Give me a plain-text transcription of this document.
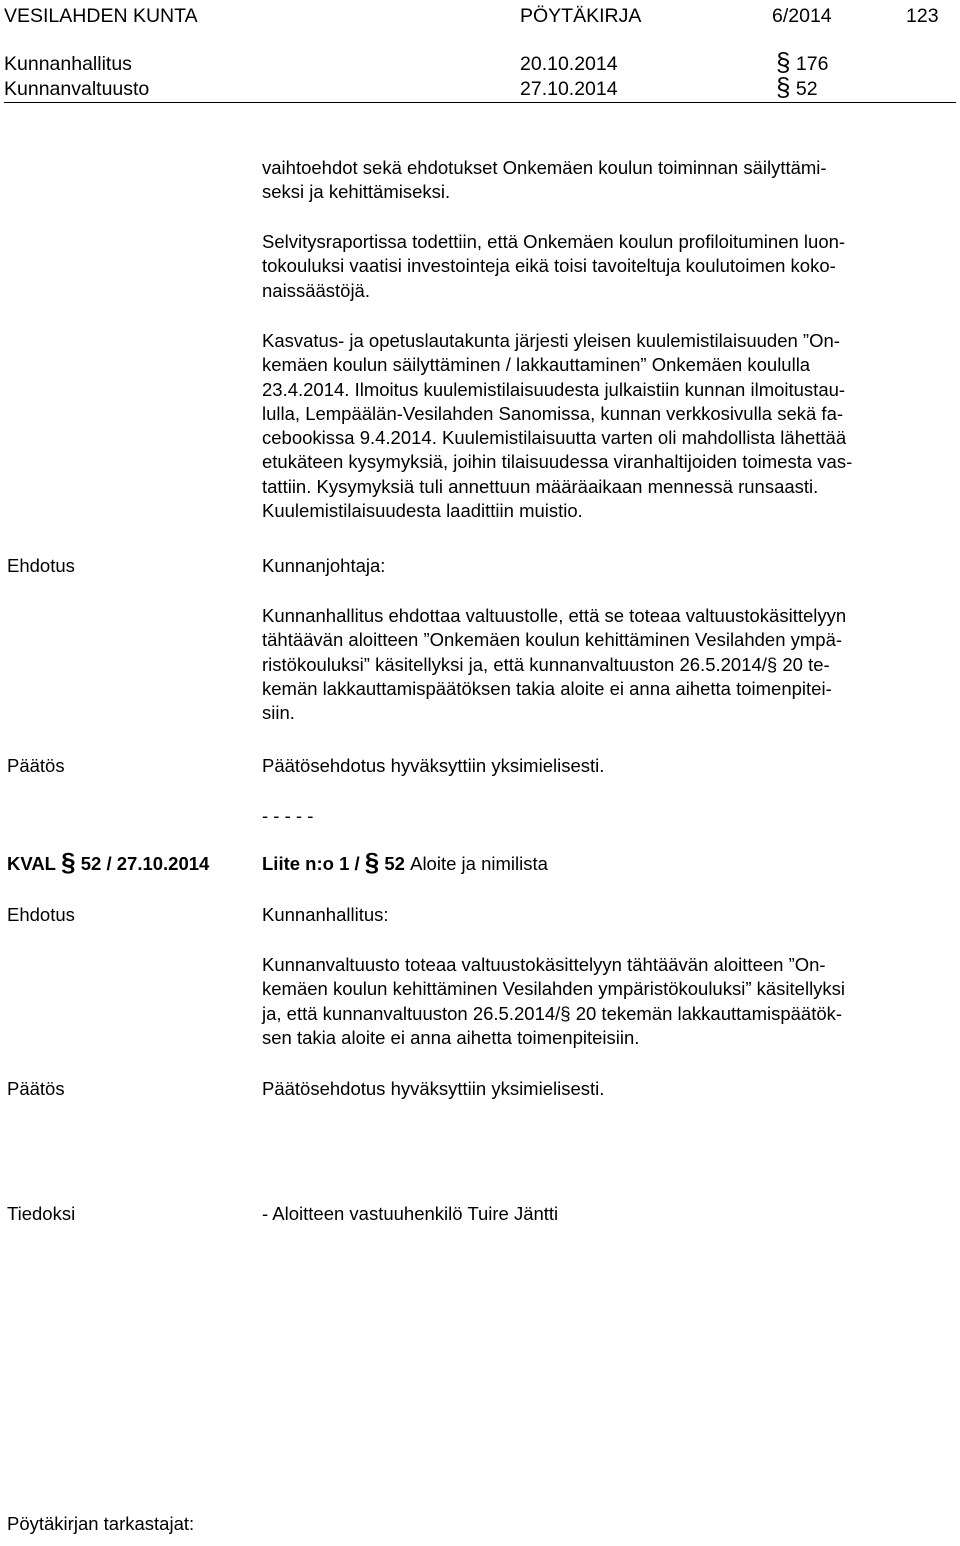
VESILAHDEN KUNTA	PÖYTÄKIRJA	6/2014	123
Kunnanhallitus	20.10.2014	§ 176
Kunnanvaltuusto	27.10.2014	§ 52

vaihtoehdot sekä ehdotukset Onkemäen koulun toiminnan säilyttämi-

seksi ja kehittämiseksi.

Selvitysraportissa todettiin, että Onkemäen koulun profiloituminen luon-

tokouluksi vaatisi investointeja eikä toisi tavoiteltuja koulutoimen koko-

naissäästöjä.

Kasvatus- ja opetuslautakunta järjesti yleisen kuulemistilaisuuden ”On-

kemäen koulun säilyttäminen / lakkauttaminen” Onkemäen koululla

23.4.2014. Ilmoitus kuulemistilaisuudesta julkaistiin kunnan ilmoitustau-

lulla, Lempäälän-Vesilahden Sanomissa, kunnan verkkosivulla sekä fa-

cebookissa 9.4.2014. Kuulemistilaisuutta varten oli mahdollista lähettää

etukäteen kysymyksiä, joihin tilaisuudessa viranhaltijoiden toimesta vas-

tattiin. Kysymyksiä tuli annettuun määräaikaan mennessä runsaasti.

Kuulemistilaisuudesta laadittiin muistio.

Ehdotus	Kunnanjohtaja:

Kunnanhallitus ehdottaa valtuustolle, että se toteaa valtuustokäsittelyyn

tähtäävän aloitteen ”Onkemäen koulun kehittäminen Vesilahden ympä-

ristökouluksi” käsitellyksi ja, että kunnanvaltuuston 26.5.2014/§ 20 te-

kemän lakkauttamispäätöksen takia aloite ei anna aihetta toimenpitei-

siin.

Päätös	Päätösehdotus hyväksyttiin yksimielisesti.

- - - - -

KVAL § 52 / 27.10.2014	Liite n:o 1 / § 52 Aloite ja nimilista

Ehdotus	Kunnanhallitus:

Kunnanvaltuusto toteaa valtuustokäsittelyyn tähtäävän aloitteen ”On-

kemäen koulun kehittäminen Vesilahden ympäristökouluksi” käsitellyksi

ja, että kunnanvaltuuston 26.5.2014/§ 20 tekemän lakkauttamispäätök-

sen takia aloite ei anna aihetta toimenpiteisiin.

Päätös	Päätösehdotus hyväksyttiin yksimielisesti.

Tiedoksi	- Aloitteen vastuuhenkilö Tuire Jäntti

Pöytäkirjan tarkastajat:
